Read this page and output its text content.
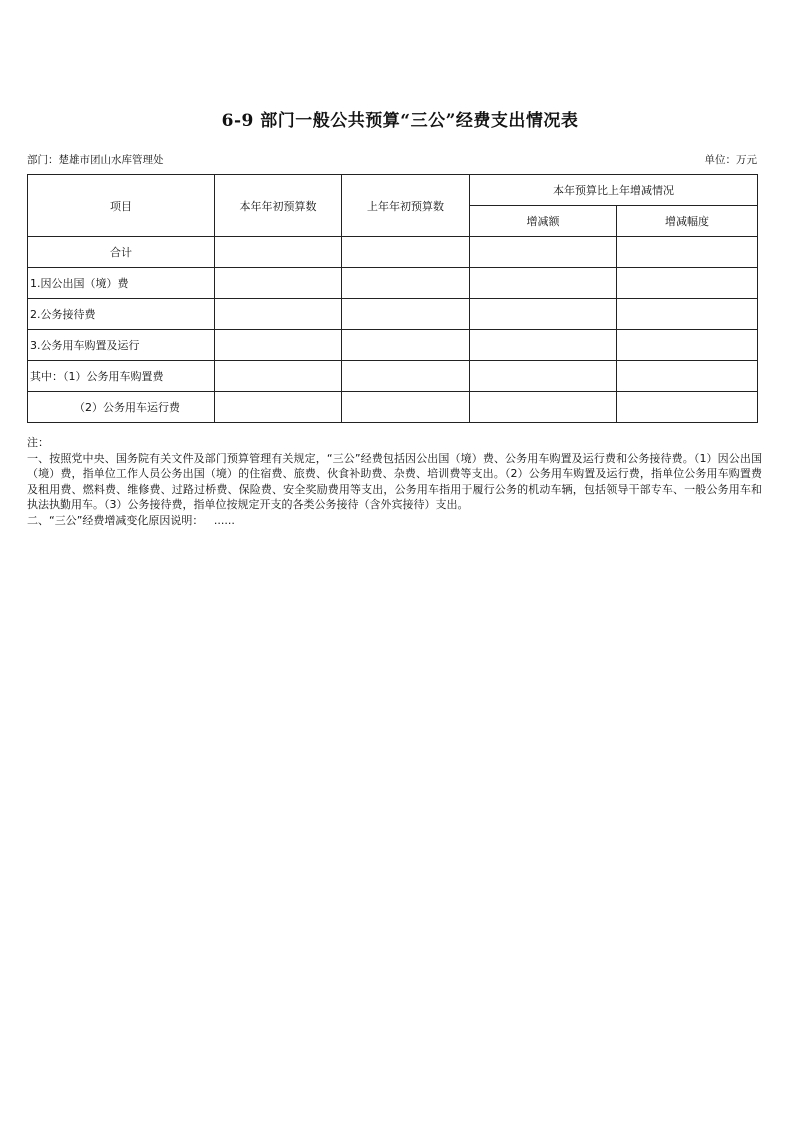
6-9 部门一般公共预算“三公”经费支出情况表
部门：楚雄市团山水库管理处	单位：万元
项目	本年年初预算数	上年年初预算数	本年预算比上年增减情况	
			增减额	增减幅度
合计				
1.因公出国（境）费				
2.公务接待费				
3.公务用车购置及运行				
其中：（1）公务用车购置费				
（2）公务用车运行费				

注：

一、按照党中央、国务院有关文件及部门预算管理有关规定，“三公”经费包括因公出国（境）费、公务用车购置及运行费和公务接待费。（1）因公出国（境）费，指单位工作人员公务出国（境）的住宿费、旅费、伙食补助费、杂费、培训费等支出。（2）公务用车购置及运行费，指单位公务用车购置费及租用费、燃料费、维修费、过路过桥费、保险费、安全奖励费用等支出，公务用车指用于履行公务的机动车辆，包括领导干部专车、一般公务用车和执法执勤用车。（3）公务接待费，指单位按规定开支的各类公务接待（含外宾接待）支出。

二、“三公”经费增减变化原因说明：   ......
